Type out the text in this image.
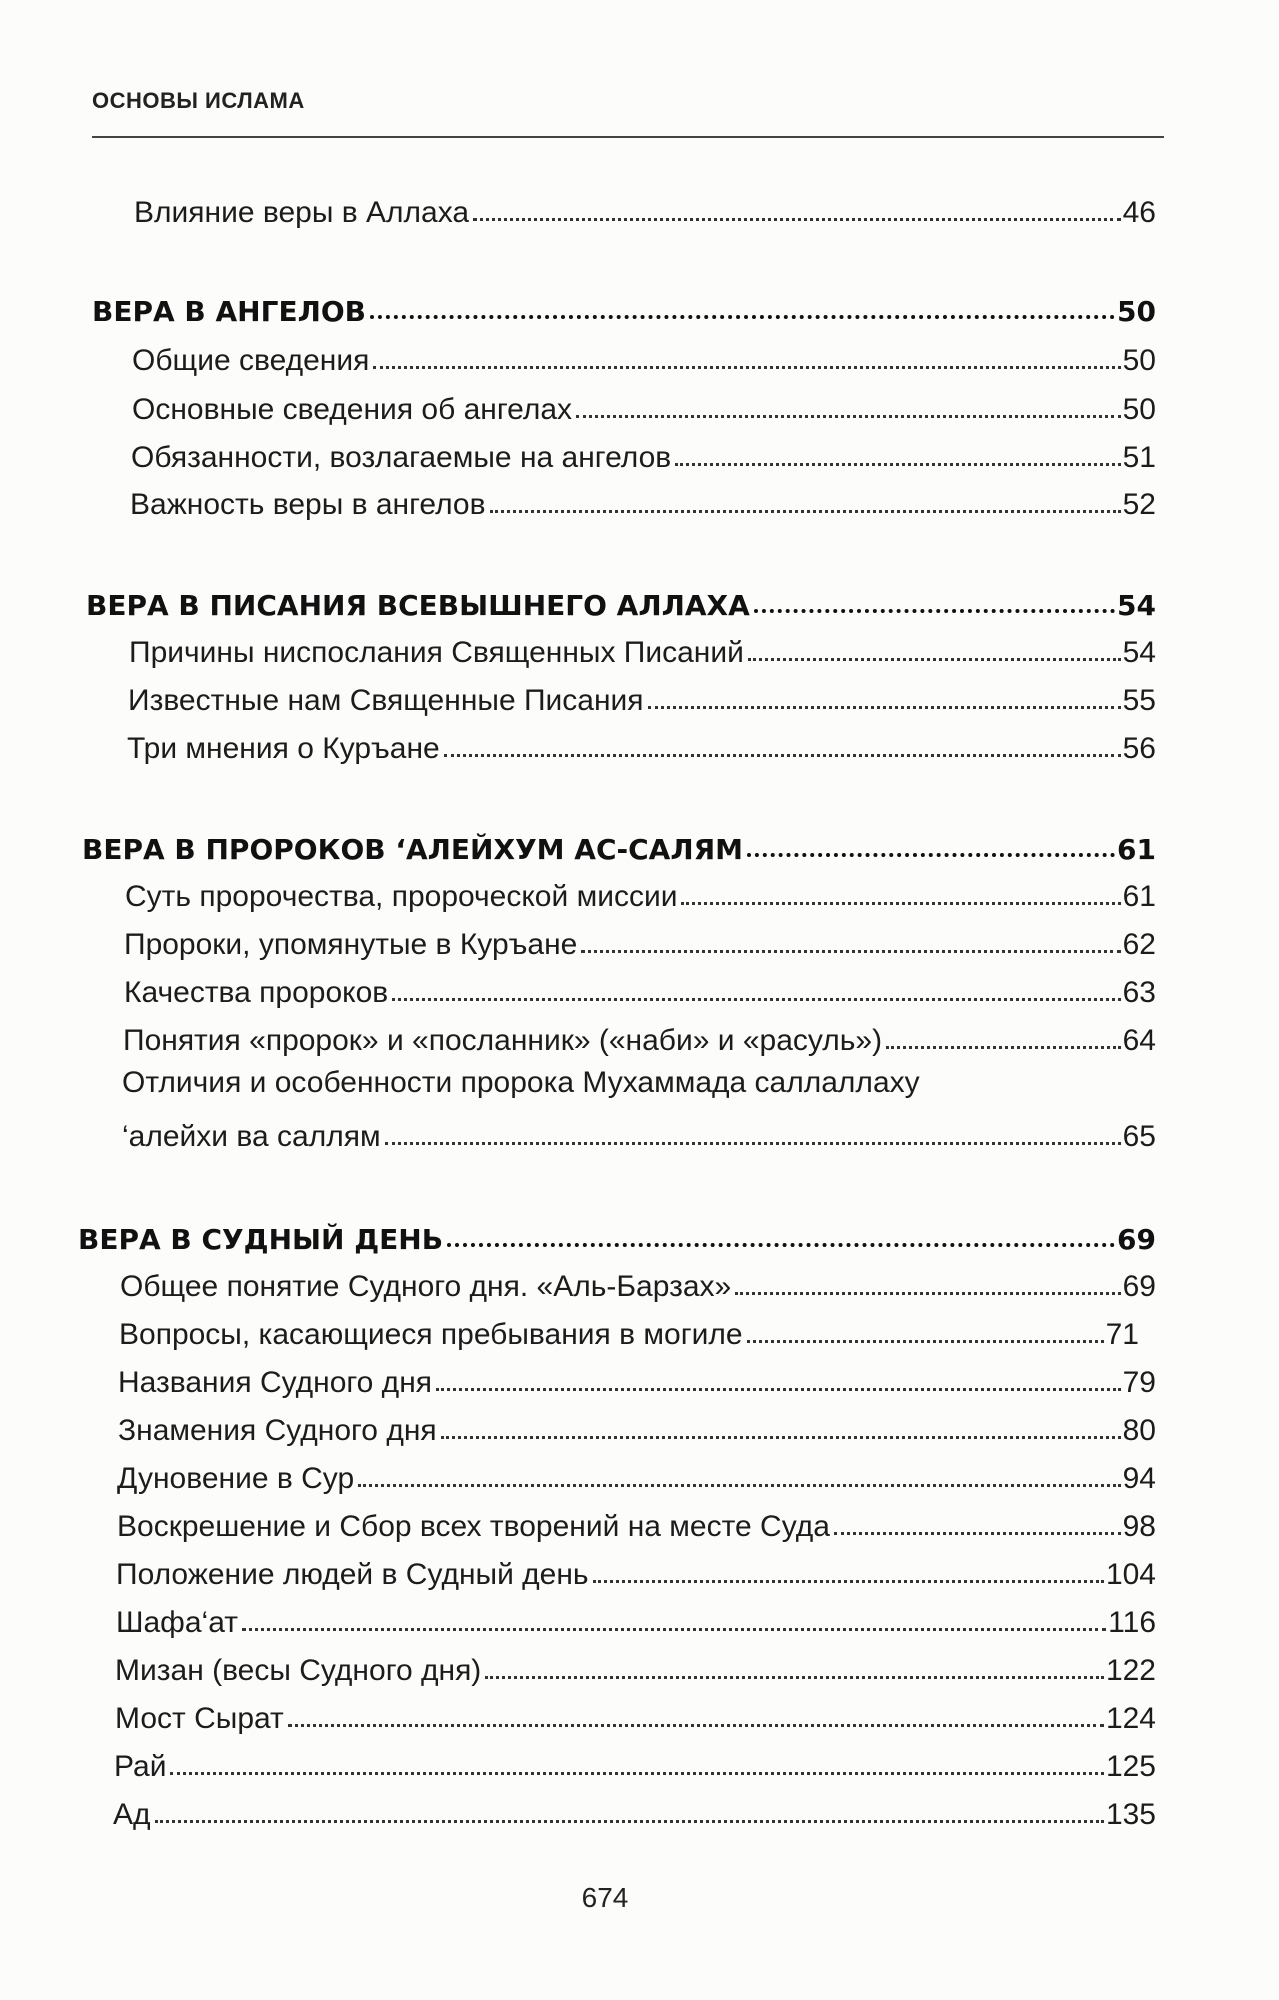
ОСНОВЫ ИСЛАМА
Влияние веры в Аллаха	46
ВЕРА В АНГЕЛОВ	50
Общие сведения	50
Основные сведения об ангелах	50
Обязанности, возлагаемые на ангелов	51
Важность веры в ангелов	52
ВЕРА В ПИСАНИЯ ВСЕВЫШНЕГО АЛЛАХА	54
Причины ниспослания Священных Писаний	54
Известные нам Священные Писания	55
Три мнения о Куръане	56
ВЕРА В ПРОРОКОВ ‘АЛЕЙХУМ АС-САЛЯМ	61
Суть пророчества, пророческой миссии	61
Пророки, упомянутые в Куръане	62
Качества пророков	63
Понятия «пророк» и «посланник» («наби» и «расуль»)	64
Отличия и особенности пророка Мухаммада саллаллаху
‘алейхи ва саллям	65
ВЕРА В СУДНЫЙ ДЕНЬ	69
Общее понятие Судного дня. «Аль-Барзах»	69
Вопросы, касающиеся пребывания в могиле	71
Названия Судного дня	79
Знамения Судного дня	80
Дуновение в Сур	94
Воскрешение и Сбор всех творений на месте Суда	98
Положение людей в Судный день	104
Шафа‘ат	116
Мизан (весы Судного дня)	122
Мост Сырат	124
Рай	125
Ад	135
674
